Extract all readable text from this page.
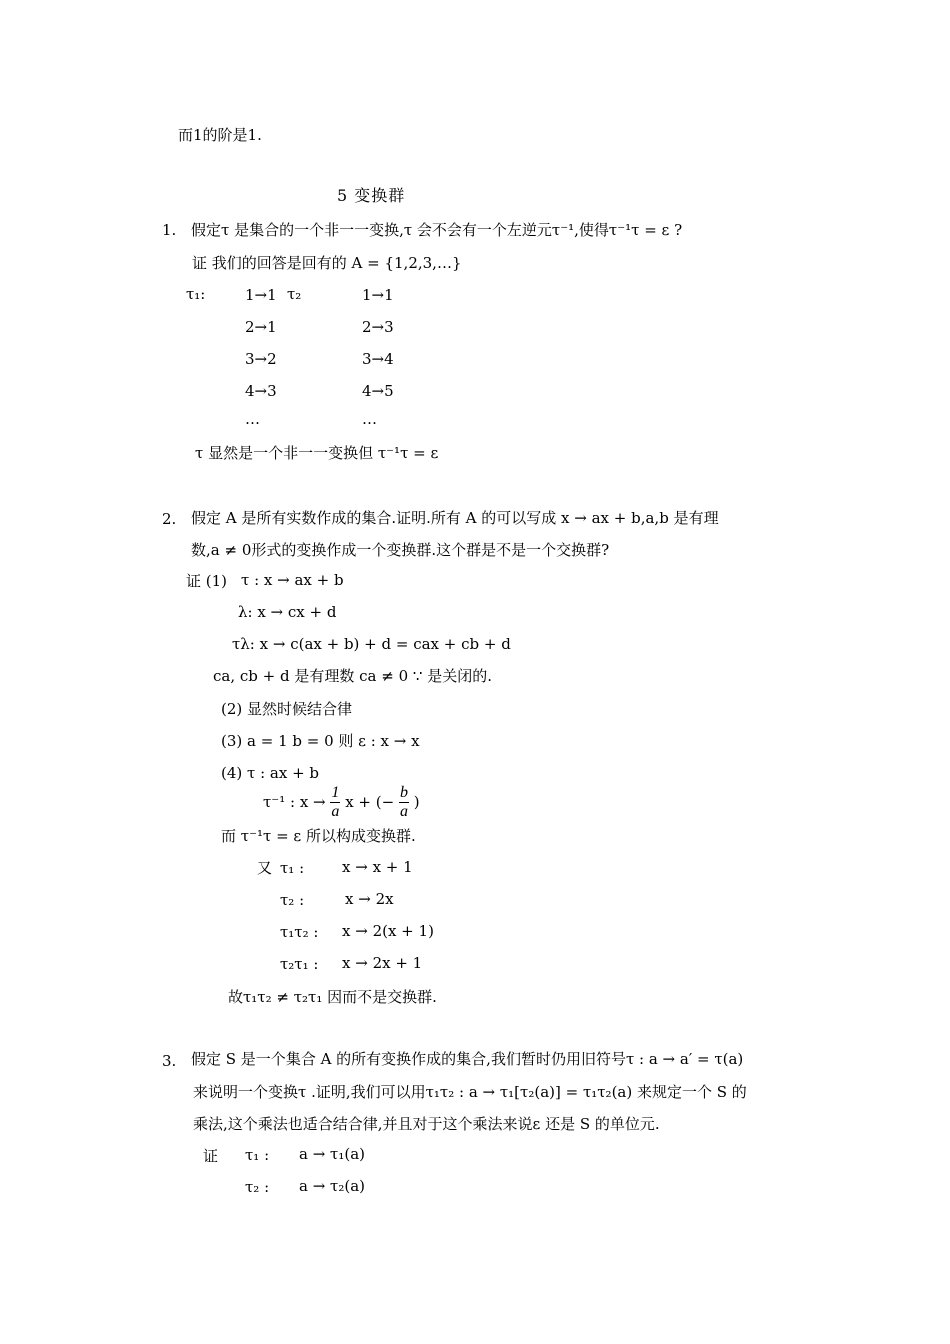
而1的阶是1.
5 变换群
1. 假定τ 是集合的一个非一一变换,τ 会不会有一个左逆元τ⁻¹,使得τ⁻¹τ = ε ?
证 我们的回答是回有的 A = {1,2,3,…}
τ₁:	τ₂
1→1
2→1
3→2
4→3
…
1→1
2→3
3→4
4→5
…
τ 显然是一个非一一变换但 τ⁻¹τ = ε
2. 假定 A 是所有实数作成的集合.证明.所有 A 的可以写成 x → ax + b,a,b 是有理
数,a ≠ 0形式的变换作成一个变换群.这个群是不是一个交换群?
证 (1) τ : x → ax + b
λ: x → cx + d
τλ: x → c(ax + b) + d = cax + cb + d
ca, cb + d 是有理数 ca ≠ 0 ∵ 是关闭的.
(2) 显然时候结合律
(3) a = 1 b = 0 则 ε : x → x
(4) τ : ax + b
τ⁻¹ : $x \to \frac{1}{a}$ x + (− $\frac{b}{a}$ )
而 τ⁻¹τ = ε 所以构成变换群.
又 τ₁ :
τ₂ :
τ₁τ₂ :
τ₂τ₁ :
x → x + 1
x → 2x
x → 2(x + 1)
x → 2x + 1
故τ₁τ₂ ≠ τ₂τ₁ 因而不是交换群.
3. 假定 S 是一个集合 A 的所有变换作成的集合,我们暂时仍用旧符号τ : a → a′ = τ(a)
来说明一个变换τ .证明,我们可以用τ₁τ₂ : a → τ₁[τ₂(a)] = τ₁τ₂(a) 来规定一个 S 的
乘法,这个乘法也适合结合律,并且对于这个乘法来说ε 还是 S 的单位元.
证 τ₁ : a → τ₁(a)
τ₂ : a → τ₂(a)
